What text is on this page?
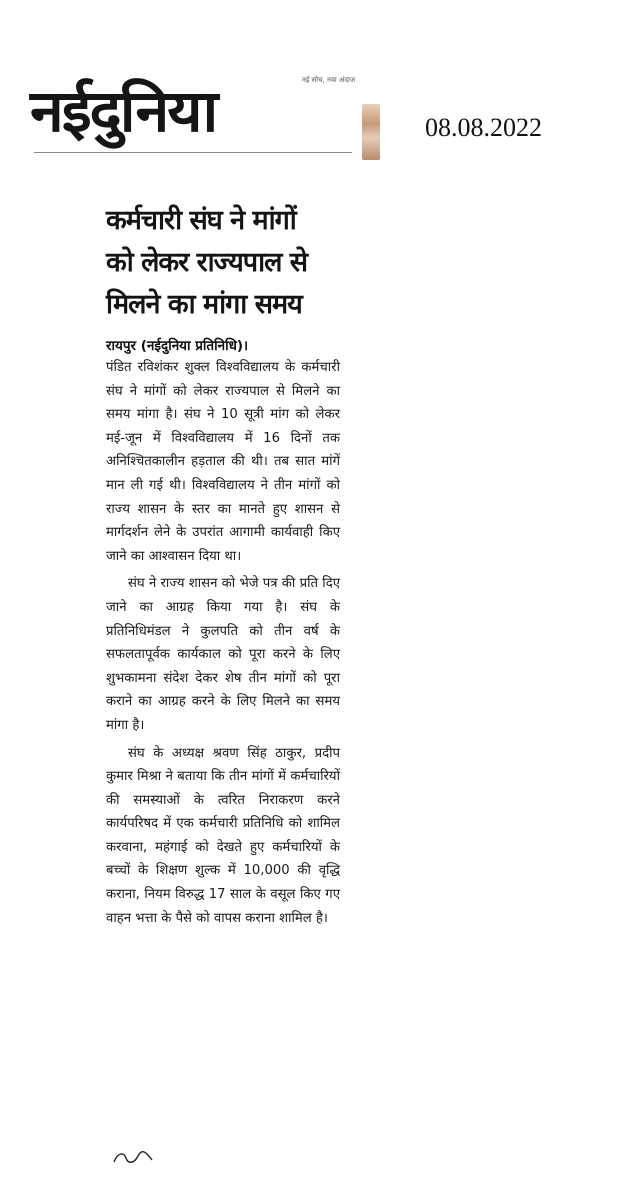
नई सोच, नया अंदाज
नईदुनिया	08.08.2022
कर्मचारी संघ ने मांगों
को लेकर राज्यपाल से
मिलने का मांगा समय
रायपुर (नईदुनिया प्रतिनिधि)।

पंडित रविशंकर शुक्ल विश्वविद्यालय के कर्मचारी संघ ने मांगों को लेकर राज्यपाल से मिलने का समय मांगा है। संघ ने 10 सूत्री मांग को लेकर मई-जून में विश्वविद्यालय में 16 दिनों तक अनिश्चितकालीन हड़ताल की थी। तब सात मांगें मान ली गई थी। विश्वविद्यालय ने तीन मांगों को राज्य शासन के स्तर का मानते हुए शासन से मार्गदर्शन लेने के उपरांत आगामी कार्यवाही किए जाने का आश्वासन दिया था।

संघ ने राज्य शासन को भेजे पत्र की प्रति दिए जाने का आग्रह किया गया है। संघ के प्रतिनिधिमंडल ने कुलपति को तीन वर्ष के सफलतापूर्वक कार्यकाल को पूरा करने के लिए शुभकामना संदेश देकर शेष तीन मांगों को पूरा कराने का आग्रह करने के लिए मिलने का समय मांगा है।

संघ के अध्यक्ष श्रवण सिंह ठाकुर, प्रदीप कुमार मिश्रा ने बताया कि तीन मांगों में कर्मचारियों की समस्याओं के त्वरित निराकरण करने कार्यपरिषद में एक कर्मचारी प्रतिनिधि को शामिल करवाना, महंगाई को देखते हुए कर्मचारियों के बच्चों के शिक्षण शुल्क में 10,000 की वृद्धि कराना, नियम विरुद्ध 17 साल के वसूल किए गए वाहन भत्ता के पैसे को वापस कराना शामिल है।
